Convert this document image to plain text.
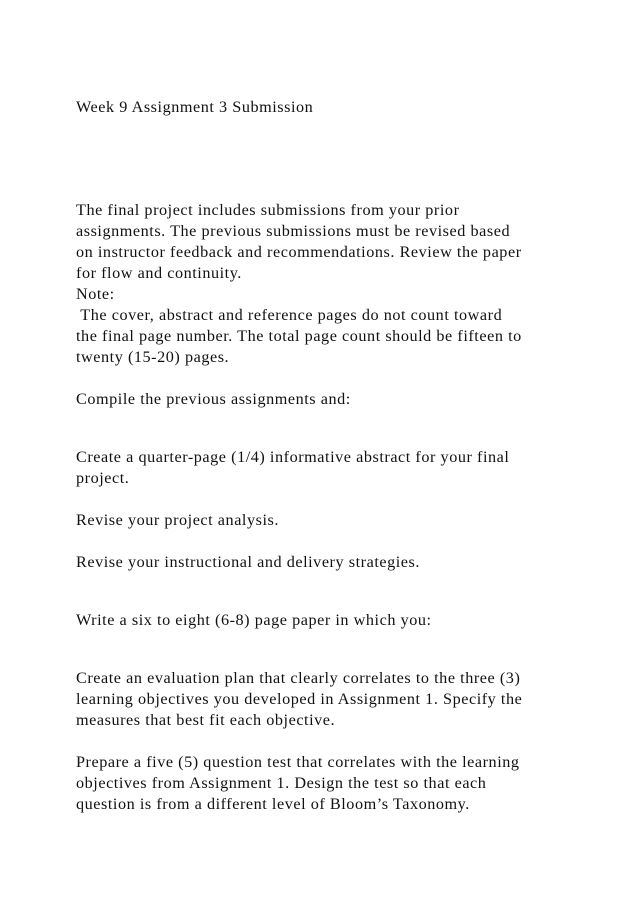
Week 9 Assignment 3 Submission

The final project includes submissions from your prior

assignments. The previous submissions must be revised based

on instructor feedback and recommendations. Review the paper

for flow and continuity.

Note:

The cover, abstract and reference pages do not count toward

the final page number. The total page count should be fifteen to

twenty (15-20) pages.

Compile the previous assignments and:

Create a quarter-page (1/4) informative abstract for your final

project.

Revise your project analysis.

Revise your instructional and delivery strategies.

Write a six to eight (6-8) page paper in which you:

Create an evaluation plan that clearly correlates to the three (3)

learning objectives you developed in Assignment 1. Specify the

measures that best fit each objective.

Prepare a five (5) question test that correlates with the learning

objectives from Assignment 1. Design the test so that each

question is from a different level of Bloom’s Taxonomy.
